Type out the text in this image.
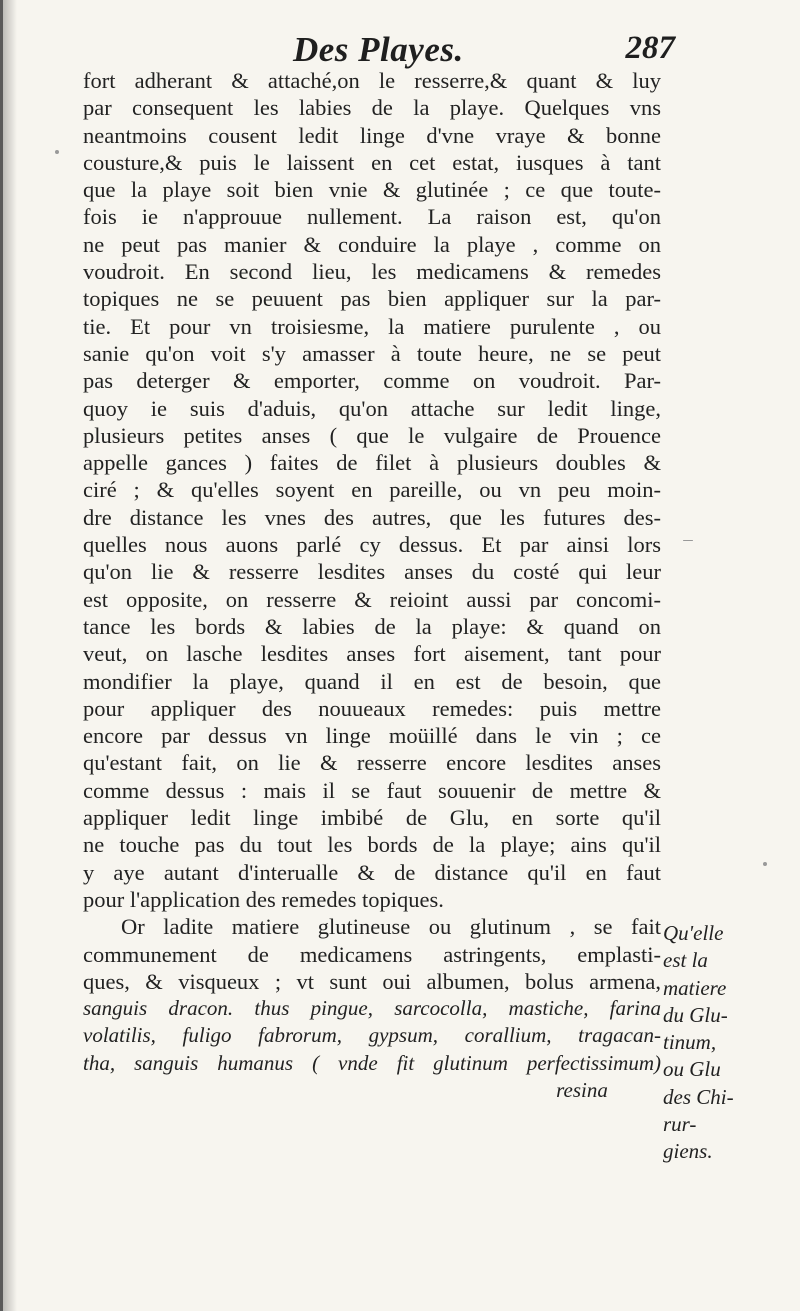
Des Playes.	287
fort adherant & attaché,on le resserre,& quant & luy
par consequent les labies de la playe. Quelques vns
neantmoins cousent ledit linge d'vne vraye & bonne
cousture,& puis le laissent en cet estat, iusques à tant
que la playe soit bien vnie & glutinée ; ce que toute-
fois ie n'approuue nullement. La raison est, qu'on
ne peut pas manier & conduire la playe , comme on
voudroit. En second lieu, les medicamens & remedes
topiques ne se peuuent pas bien appliquer sur la par-
tie. Et pour vn troisiesme, la matiere purulente , ou
sanie qu'on voit s'y amasser à toute heure, ne se peut
pas deterger & emporter, comme on voudroit. Par-
quoy ie suis d'aduis, qu'on attache sur ledit linge,
plusieurs petites anses ( que le vulgaire de Prouence
appelle gances ) faites de filet à plusieurs doubles &
ciré ; & qu'elles soyent en pareille, ou vn peu moin-
dre distance les vnes des autres, que les futures des-
quelles nous auons parlé cy dessus. Et par ainsi lors
qu'on lie & resserre lesdites anses du costé qui leur
est opposite, on resserre & reioint aussi par concomi-
tance les bords & labies de la playe: & quand on
veut, on lasche lesdites anses fort aisement, tant pour
mondifier la playe, quand il en est de besoin, que
pour appliquer des nouueaux remedes: puis mettre
encore par dessus vn linge moüillé dans le vin ; ce
qu'estant fait, on lie & resserre encore lesdites anses
comme dessus : mais il se faut souuenir de mettre &
appliquer ledit linge imbibé de Glu, en sorte qu'il
ne touche pas du tout les bords de la playe; ains qu'il
y aye autant d'interualle & de distance qu'il en faut
pour l'application des remedes topiques.
Or ladite matiere glutineuse ou glutinum , se fait
communement de medicamens astringents, emplasti-
ques, & visqueux ; vt sunt oui albumen, bolus armena,
sanguis dracon. thus pingue, sarcocolla, mastiche, farina
volatilis, fuligo fabrorum, gypsum, corallium, tragacan-
tha, sanguis humanus ( vnde fit glutinum perfectissimum)
resina
Qu'elle
est la
matiere
du Glu-
tinum,
ou Glu
des Chi-
rur-
giens.
